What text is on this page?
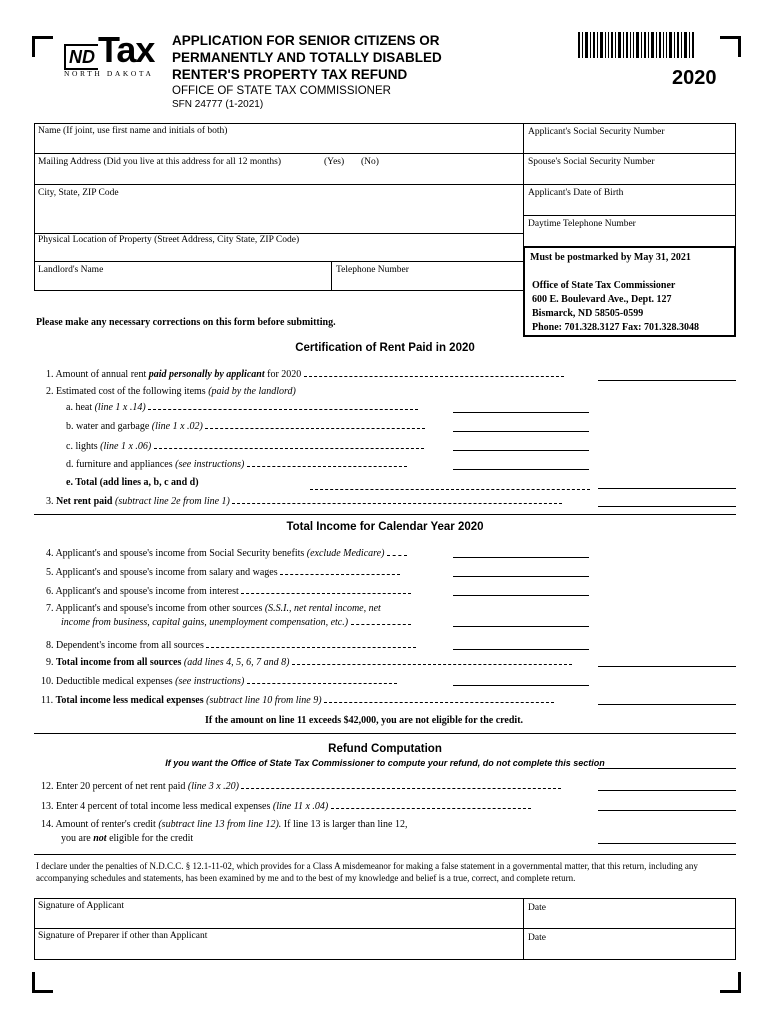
ND Tax
NORTH DAKOTA
APPLICATION FOR SENIOR CITIZENS OR
PERMANENTLY AND TOTALLY DISABLED
RENTER'S PROPERTY TAX REFUND
OFFICE OF STATE TAX COMMISSIONER
SFN 24777 (1-2021)
2020
Name (If joint, use first name and initials of both)
Mailing Address (Did you live at this address for all 12 months)	(Yes) (No)
City, State, ZIP Code
Physical Location of Property (Street Address, City State, ZIP Code)
Landlord's Name	Telephone Number
Applicant's Social Security Number
Spouse's Social Security Number
Applicant's Date of Birth
Daytime Telephone Number
Must be postmarked by May 31, 2021
Office of State Tax Commissioner
600 E. Boulevard Ave., Dept. 127
Bismarck, ND 58505-0599
Phone: 701.328.3127 Fax: 701.328.3048
Please make any necessary corrections on this form before submitting.
Certification of Rent Paid in 2020
1. Amount of annual rent paid personally by applicant for 2020
2. Estimated cost of the following items (paid by the landlord)
a. heat (line 1 x .14)
b. water and garbage (line 1 x .02)
c. lights (line 1 x .06)
d. furniture and appliances (see instructions)
e. Total (add lines a, b, c and d)
3. Net rent paid (subtract line 2e from line 1)
Total Income for Calendar Year 2020
4. Applicant's and spouse's income from Social Security benefits (exclude Medicare)
5. Applicant's and spouse's income from salary and wages
6. Applicant's and spouse's income from interest
7. Applicant's and spouse's income from other sources (S.S.I., net rental income, net
income from business, capital gains, unemployment compensation, etc.)
8. Dependent's income from all sources
9. Total income from all sources (add lines 4, 5, 6, 7 and 8)
10. Deductible medical expenses (see instructions)
11. Total income less medical expenses (subtract line 10 from line 9)
If the amount on line 11 exceeds $42,000, you are not eligible for the credit.
Refund Computation
If you want the Office of State Tax Commissioner to compute your refund, do not complete this section
12. Enter 20 percent of net rent paid (line 3 x .20)
13. Enter 4 percent of total income less medical expenses (line 11 x .04)
14. Amount of renter's credit (subtract line 13 from line 12). If line 13 is larger than line 12,
you are not eligible for the credit
I declare under the penalties of N.D.C.C. § 12.1-11-02, which provides for a Class A misdemeanor for making a false statement in a governmental matter, that this return, including any accompanying schedules and statements, has been examined by me and to the best of my knowledge and belief is a true, correct, and complete return.
Signature of Applicant	Date
Signature of Preparer if other than Applicant	Date
